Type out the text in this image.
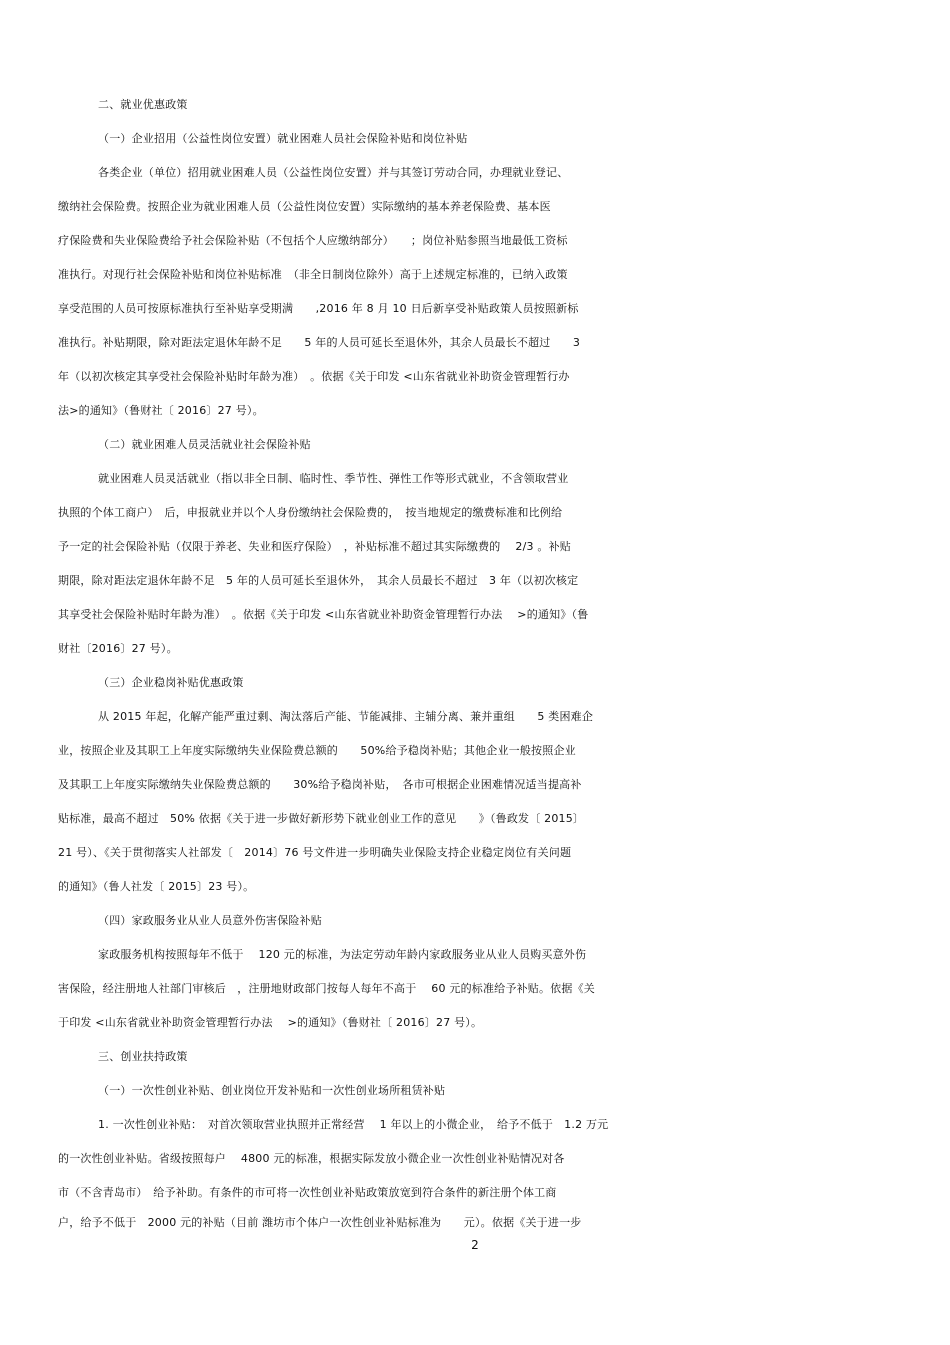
二、就业优惠政策
（一）企业招用（公益性岗位安置）就业困难人员社会保险补贴和岗位补贴
各类企业（单位）招用就业困难人员（公益性岗位安置）并与其签订劳动合同，办理就业登记、
缴纳社会保险费。按照企业为就业困难人员（公益性岗位安置）实际缴纳的基本养老保险费、基本医
疗保险费和失业保险费给予社会保险补贴（不包括个人应缴纳部分）　　；岗位补贴参照当地最低工资标
准执行。对现行社会保险补贴和岗位补贴标准　（非全日制岗位除外）高于上述规定标准的，已纳入政策
享受范围的人员可按原标准执行至补贴享受期满　　,2016 年 8 月 10 日后新享受补贴政策人员按照新标
准执行。补贴期限，除对距法定退休年龄不足　　5 年的人员可延长至退休外，其余人员最长不超过　　3
年（以初次核定其享受社会保险补贴时年龄为准）　。依据《关于印发 <山东省就业补助资金管理暂行办
法>的通知》（鲁财社〔 2016〕27 号）。
（二）就业困难人员灵活就业社会保险补贴
就业困难人员灵活就业（指以非全日制、临时性、季节性、弹性工作等形式就业，不含领取营业
执照的个体工商户）　后，申报就业并以个人身份缴纳社会保险费的，　按当地规定的缴费标准和比例给
予一定的社会保险补贴（仅限于养老、失业和医疗保险）　，补贴标准不超过其实际缴费的　 2/3 。补贴
期限，除对距法定退休年龄不足　5 年的人员可延长至退休外，　其余人员最长不超过　3 年（以初次核定
其享受社会保险补贴时年龄为准）　。依据《关于印发 <山东省就业补助资金管理暂行办法　 >的通知》（鲁
财社〔2016〕27 号）。
（三）企业稳岗补贴优惠政策
从 2015 年起，化解产能严重过剩、淘汰落后产能、节能减排、主辅分离、兼并重组　　5 类困难企
业，按照企业及其职工上年度实际缴纳失业保险费总额的　　50%给予稳岗补贴；其他企业一般按照企业
及其职工上年度实际缴纳失业保险费总额的　　30%给予稳岗补贴，　各市可根据企业困难情况适当提高补
贴标准，最高不超过　50% 依据《关于进一步做好新形势下就业创业工作的意见　　》（鲁政发〔 2015〕
21 号）、《关于贯彻落实人社部发〔　2014〕76 号文件进一步明确失业保险支持企业稳定岗位有关问题
的通知》（鲁人社发〔 2015〕23 号）。
（四）家政服务业从业人员意外伤害保险补贴
家政服务机构按照每年不低于　 120 元的标准，为法定劳动年龄内家政服务业从业人员购买意外伤
害保险，经注册地人社部门审核后　，注册地财政部门按每人每年不高于　 60 元的标准给予补贴。依据《关
于印发 <山东省就业补助资金管理暂行办法　 >的通知》（鲁财社〔 2016〕27 号）。
三、创业扶持政策
（一）一次性创业补贴、创业岗位开发补贴和一次性创业场所租赁补贴
1. 一次性创业补贴：　对首次领取营业执照并正常经营　 1 年以上的小微企业，　给予不低于　1.2 万元
的一次性创业补贴。省级按照每户　 4800 元的标准，根据实际发放小微企业一次性创业补贴情况对各
市（不含青岛市）　给予补助。有条件的市可将一次性创业补贴政策放宽到符合条件的新注册个体工商
户，给予不低于　2000 元的补贴（目前 潍坊市个体户一次性创业补贴标准为　　元）。依据《关于进一步
2
